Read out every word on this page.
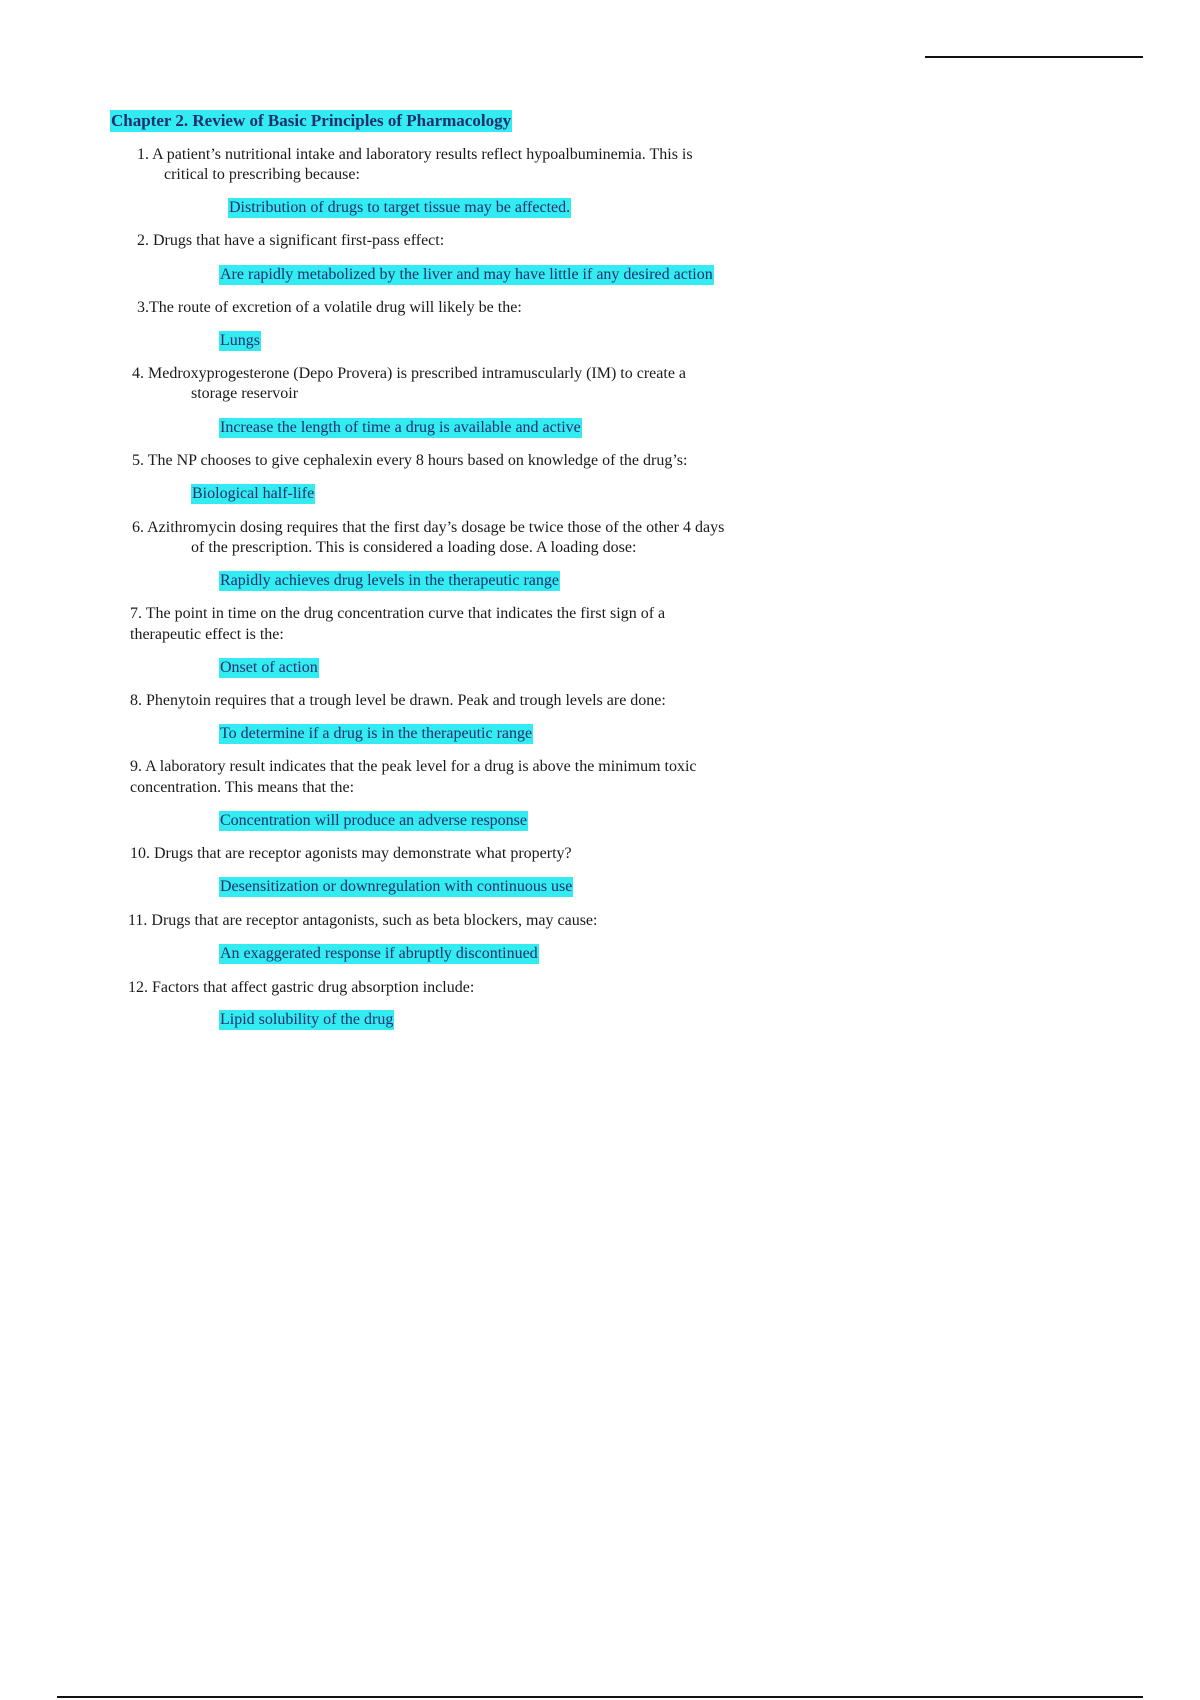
Chapter 2. Review of Basic Principles of Pharmacology
1. A patient’s nutritional intake and laboratory results reflect hypoalbuminemia. This is
critical to prescribing because:
Distribution of drugs to target tissue may be affected.
2. Drugs that have a significant first-pass effect:
Are rapidly metabolized by the liver and may have little if any desired action
3.The route of excretion of a volatile drug will likely be the:
Lungs
4. Medroxyprogesterone (Depo Provera) is prescribed intramuscularly (IM) to create a
storage reservoir
Increase the length of time a drug is available and active
5. The NP chooses to give cephalexin every 8 hours based on knowledge of the drug’s:
Biological half-life
6. Azithromycin dosing requires that the first day’s dosage be twice those of the other 4 days
of the prescription. This is considered a loading dose. A loading dose:
Rapidly achieves drug levels in the therapeutic range
7. The point in time on the drug concentration curve that indicates the first sign of a
therapeutic effect is the:
Onset of action
8. Phenytoin requires that a trough level be drawn. Peak and trough levels are done:
To determine if a drug is in the therapeutic range
9. A laboratory result indicates that the peak level for a drug is above the minimum toxic
concentration. This means that the:
Concentration will produce an adverse response
10. Drugs that are receptor agonists may demonstrate what property?
Desensitization or downregulation with continuous use
11. Drugs that are receptor antagonists, such as beta blockers, may cause:
An exaggerated response if abruptly discontinued
12. Factors that affect gastric drug absorption include:
Lipid solubility of the drug
